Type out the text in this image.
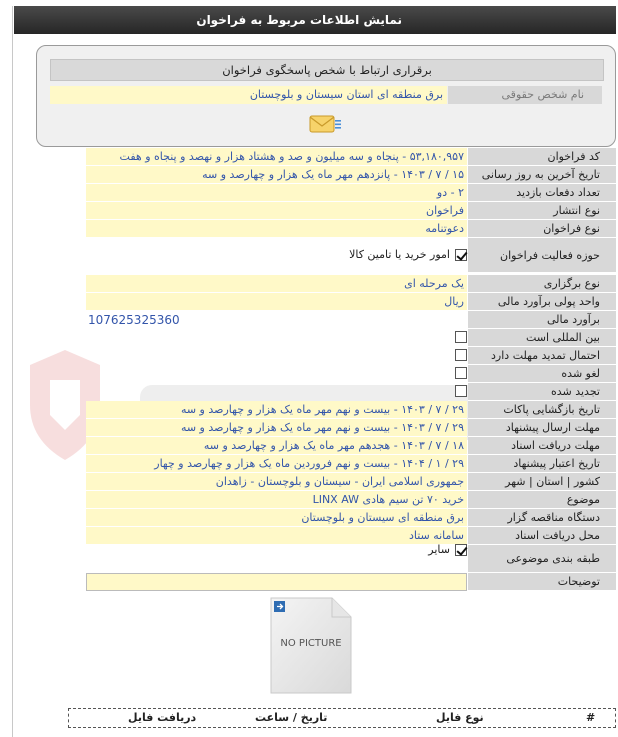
نمایش اطلاعات مربوط به فراخوان
برقراری ارتباط با شخص پاسخگوی فراخوان
نام شخص حقوقی
برق منطقه ای استان سیستان و بلوچستان
کد فراخوان
۵۳,۱۸۰,۹۵۷ - پنجاه و سه میلیون و صد و هشتاد هزار و نهصد و پنجاه و هفت
تاریخ آخرین به روز رسانی
۱۵ / ۷ / ۱۴۰۳ - پانزدهم مهر ماه یک هزار و چهارصد و سه
تعداد دفعات بازدید
۲ - دو
نوع انتشار
فراخوان
نوع فراخوان
دعوتنامه
حوزه فعالیت فراخوان
امور خرید یا تامین کالا
نوع برگزاری
یک مرحله ای
واحد پولی برآورد مالی
ریال
برآورد مالی
107625325360
بین المللی است
احتمال تمدید مهلت دارد
لغو شده
تجدید شده
تاریخ بازگشایی پاکات
۲۹ / ۷ / ۱۴۰۳ - بیست و نهم مهر ماه یک هزار و چهارصد و سه
مهلت ارسال پیشنهاد
۲۹ / ۷ / ۱۴۰۳ - بیست و نهم مهر ماه یک هزار و چهارصد و سه
مهلت دریافت اسناد
۱۸ / ۷ / ۱۴۰۳ - هجدهم مهر ماه یک هزار و چهارصد و سه
تاریخ اعتبار پیشنهاد
۲۹ / ۱ / ۱۴۰۴ - بیست و نهم فروردین ماه یک هزار و چهارصد و چهار
کشور | استان | شهر
جمهوری اسلامی ایران - سیستان و بلوچستان - زاهدان
موضوع
خرید ۷۰ تن سیم هادی LINX AW
دستگاه مناقصه گزار
برق منطقه ای سیستان و بلوچستان
محل دریافت اسناد
سامانه ستاد
طبقه بندی موضوعی
سایر
توضیحات
NO PICTURE
#
نوع فایل
تاریخ / ساعت
دریافت فایل
